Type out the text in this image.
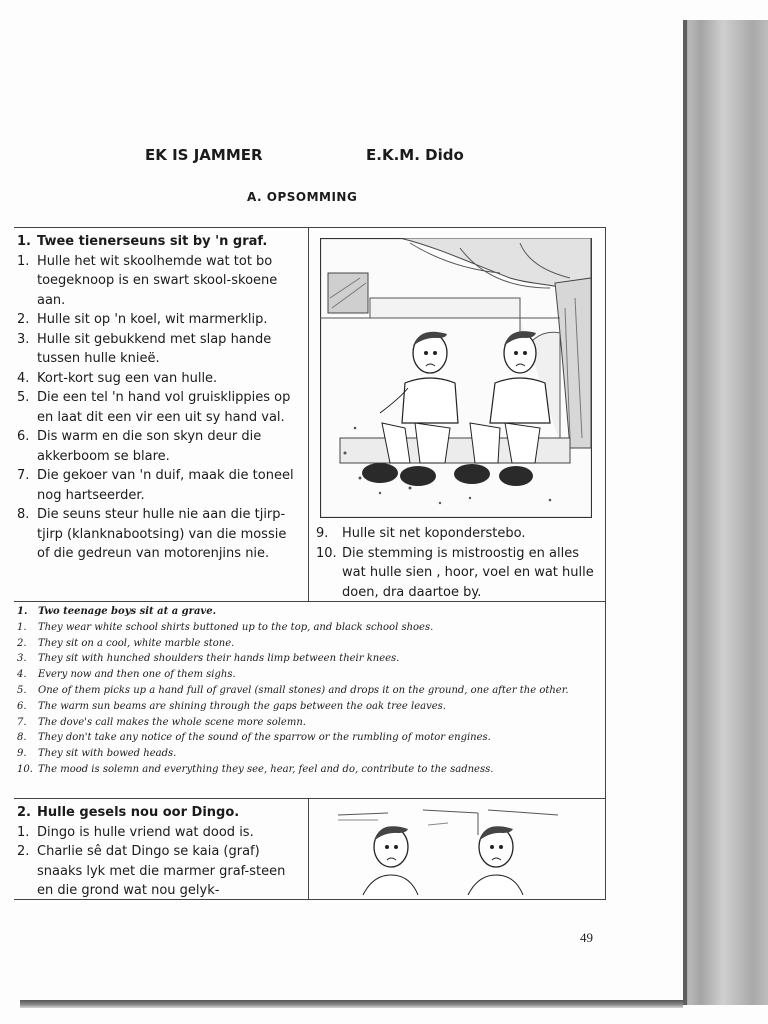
EK IS JAMMER	E.K.M. Dido
A. OPSOMMING
1. Twee tienerseuns sit by 'n graf.
1. Hulle het wit skoolhemde wat tot bo toegeknoop is en swart skool-skoene aan.
2. Hulle sit op 'n koel, wit marmerklip.
3. Hulle sit gebukkend met slap hande tussen hulle knieë.
4. Kort-kort sug een van hulle.
5. Die een tel 'n hand vol gruisklippies op en laat dit een vir een uit sy hand val.
6. Dis warm en die son skyn deur die akkerboom se blare.
7. Die gekoer van 'n duif, maak die toneel nog hartseerder.
8. Die seuns steur hulle nie aan die tjirp-tjirp (klanknabootsing) van die mossie of die gedreun van motorenjins nie.
9. Hulle sit net koponderstebo.
10. Die stemming is mistroostig en alles wat hulle sien , hoor, voel en wat hulle doen, dra daartoe by.
1. Two teenage boys sit at a grave.
1. They wear white school shirts buttoned up to the top, and black school shoes.
2. They sit on a cool, white marble stone.
3. They sit with hunched shoulders their hands limp between their knees.
4. Every now and then one of them sighs.
5. One of them picks up a hand full of gravel (small stones) and drops it on the ground, one after the other.
6. The warm sun beams are shining through the gaps between the oak tree leaves.
7. The dove's call makes the whole scene more solemn.
8. They don't take any notice of the sound of the sparrow or the rumbling of motor engines.
9. They sit with bowed heads.
10. The mood is solemn and everything they see, hear, feel and do, contribute to the sadness.
2. Hulle gesels nou oor Dingo.
1. Dingo is hulle vriend wat dood is.
2. Charlie sê dat Dingo se kaia (graf) snaaks lyk met die marmer graf-steen en die grond wat nou gelyk-
49
